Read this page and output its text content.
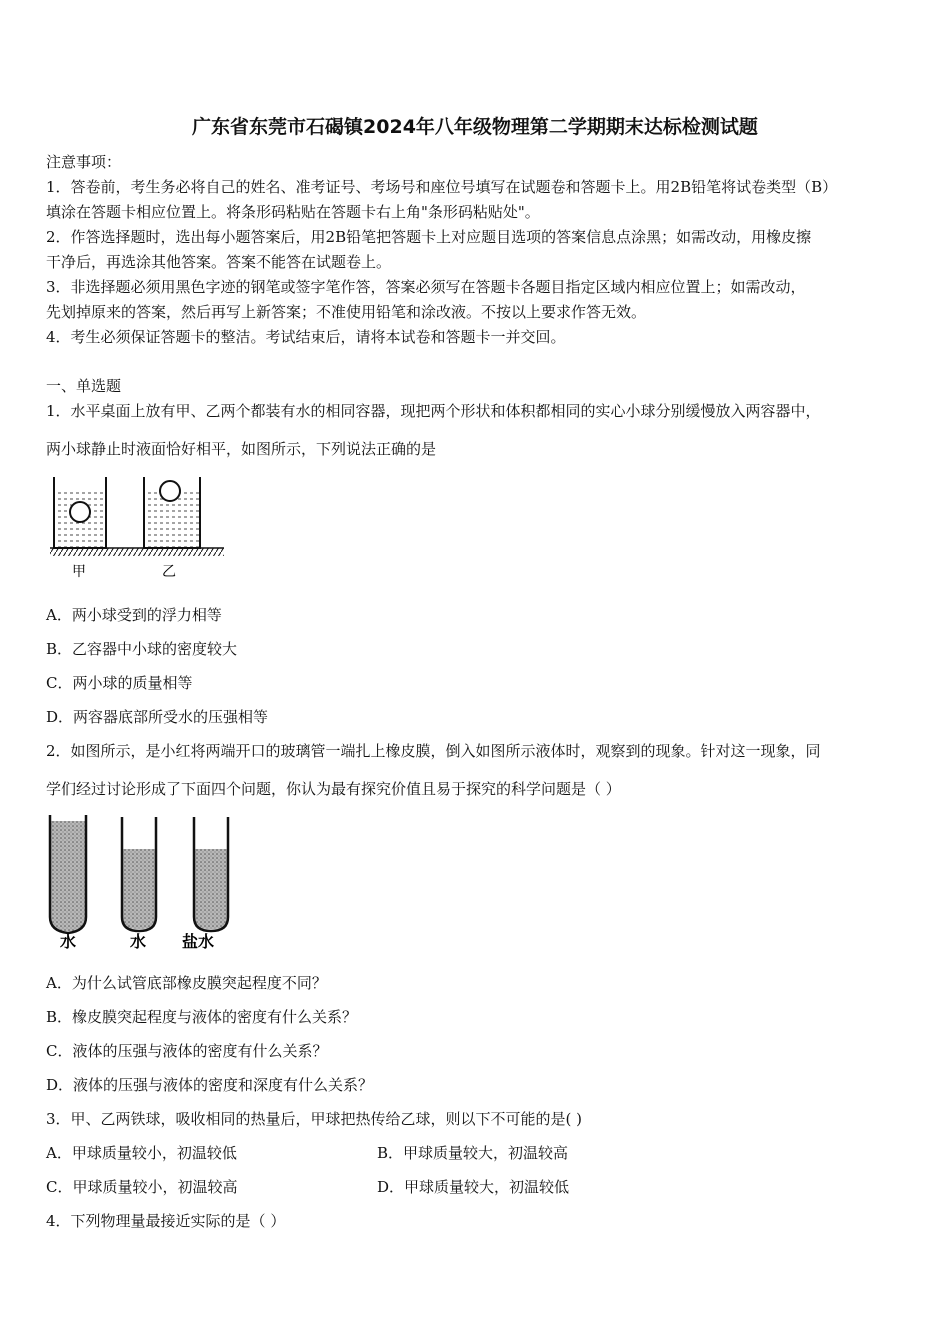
广东省东莞市石碣镇2024年八年级物理第二学期期末达标检测试题
注意事项：
1．答卷前，考生务必将自己的姓名、准考证号、考场号和座位号填写在试题卷和答题卡上。用2B铅笔将试卷类型（B）
填涂在答题卡相应位置上。将条形码粘贴在答题卡右上角"条形码粘贴处"。
2．作答选择题时，选出每小题答案后，用2B铅笔把答题卡上对应题目选项的答案信息点涂黑；如需改动，用橡皮擦
干净后，再选涂其他答案。答案不能答在试题卷上。
3．非选择题必须用黑色字迹的钢笔或签字笔作答，答案必须写在答题卡各题目指定区域内相应位置上；如需改动，
先划掉原来的答案，然后再写上新答案；不准使用铅笔和涂改液。不按以上要求作答无效。
4．考生必须保证答题卡的整洁。考试结束后，请将本试卷和答题卡一并交回。
一、单选题
1．水平桌面上放有甲、乙两个都装有水的相同容器，现把两个形状和体积都相同的实心小球分别缓慢放入两容器中，
两小球静止时液面恰好相平，如图所示，下列说法正确的是
甲	乙
A．两小球受到的浮力相等
B．乙容器中小球的密度较大
C．两小球的质量相等
D．两容器底部所受水的压强相等
2．如图所示，是小红将两端开口的玻璃管一端扎上橡皮膜，倒入如图所示液体时，观察到的现象。针对这一现象，同
学们经过讨论形成了下面四个问题，你认为最有探究价值且易于探究的科学问题是（ ）
水	水 盐水
A．为什么试管底部橡皮膜突起程度不同？
B．橡皮膜突起程度与液体的密度有什么关系？
C．液体的压强与液体的密度有什么关系？
D．液体的压强与液体的密度和深度有什么关系？
3．甲、乙两铁球，吸收相同的热量后，甲球把热传给乙球，则以下不可能的是( )
A．甲球质量较小，初温较低	B．甲球质量较大，初温较高
C．甲球质量较小，初温较高	D．甲球质量较大，初温较低
4．下列物理量最接近实际的是（ ）
